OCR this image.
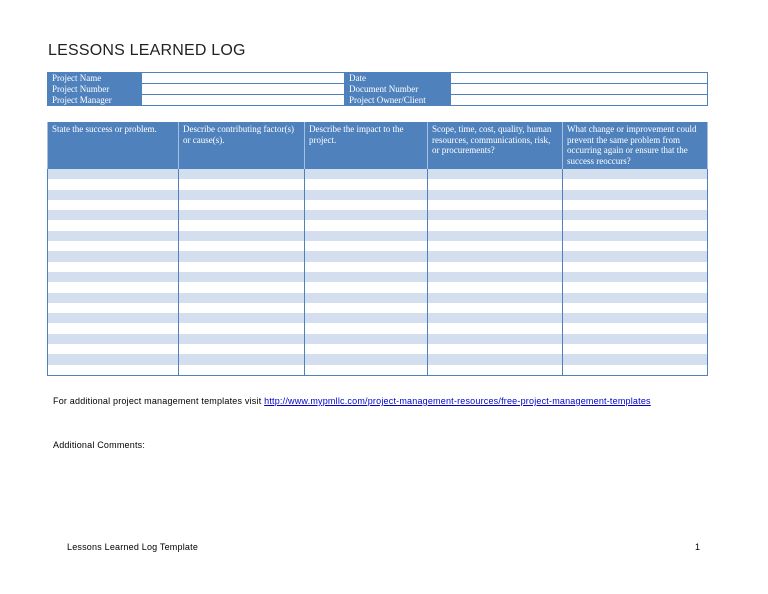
LESSONS LEARNED LOG
Project Name		Date	
Project Number		Document Number	
Project Manager		Project Owner/Client	
State the success or problem.	Describe contributing factor(s) or cause(s).	Describe the impact to the project.	Scope, time, cost, quality, human resources, communications, risk, or procurements?	What change or improvement could prevent the same problem from occurring again or ensure that the success reoccurs?

For additional project management templates visit http://www.mypmllc.com/project-management-resources/free-project-management-templates
Additional Comments:
Lessons Learned Log Template	1
